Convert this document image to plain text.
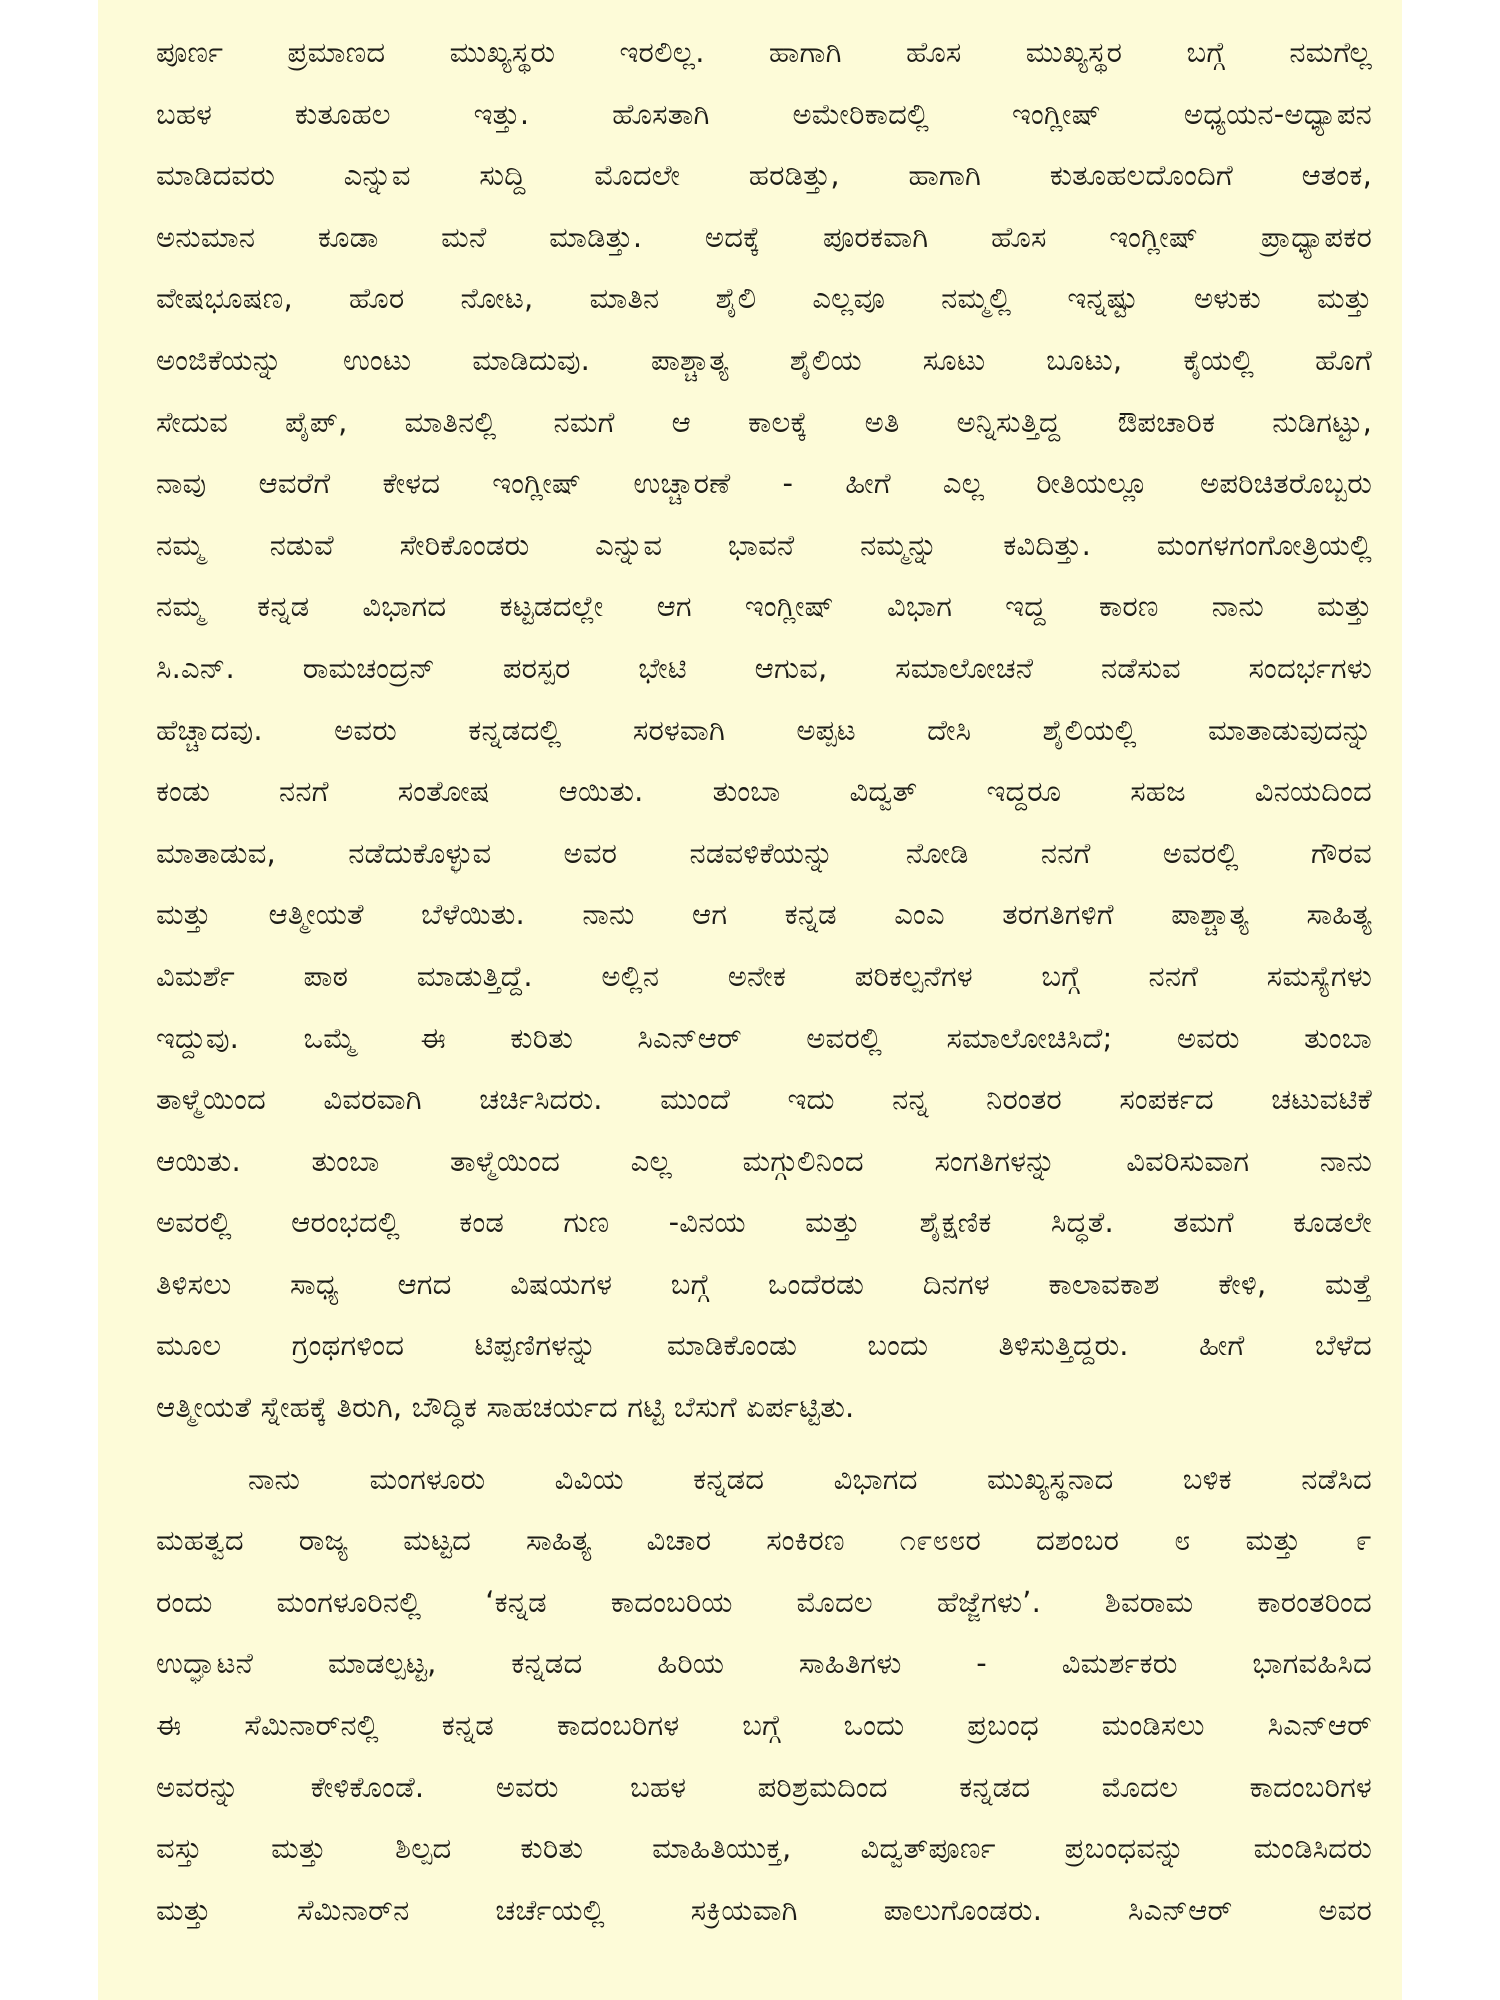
ಪೂರ್ಣ ಪ್ರಮಾಣದ ಮುಖ್ಯಸ್ಥರು ಇರಲಿಲ್ಲ. ಹಾಗಾಗಿ ಹೊಸ ಮುಖ್ಯಸ್ಥರ ಬಗ್ಗೆ ನಮಗೆಲ್ಲ
ಬಹಳ ಕುತೂಹಲ ಇತ್ತು. ಹೊಸತಾಗಿ ಅಮೇರಿಕಾದಲ್ಲಿ ಇಂಗ್ಲೀಷ್ ಅಧ್ಯಯನ-ಅಧ್ಯಾಪನ
ಮಾಡಿದವರು ಎನ್ನುವ ಸುದ್ದಿ ಮೊದಲೇ ಹರಡಿತ್ತು, ಹಾಗಾಗಿ ಕುತೂಹಲದೊಂದಿಗೆ ಆತಂಕ,
ಅನುಮಾನ ಕೂಡಾ ಮನೆ ಮಾಡಿತ್ತು. ಅದಕ್ಕೆ ಪೂರಕವಾಗಿ ಹೊಸ ಇಂಗ್ಲೀಷ್ ಪ್ರಾಧ್ಯಾಪಕರ
ವೇಷಭೂಷಣ, ಹೊರ ನೋಟ, ಮಾತಿನ ಶೈಲಿ ಎಲ್ಲವೂ ನಮ್ಮಲ್ಲಿ ಇನ್ನಷ್ಟು ಅಳುಕು ಮತ್ತು
ಅಂಜಿಕೆಯನ್ನು ಉಂಟು ಮಾಡಿದುವು. ಪಾಶ್ಚಾತ್ಯ ಶೈಲಿಯ ಸೂಟು ಬೂಟು, ಕೈಯಲ್ಲಿ ಹೊಗೆ
ಸೇದುವ ಪೈಪ್, ಮಾತಿನಲ್ಲಿ ನಮಗೆ ಆ ಕಾಲಕ್ಕೆ ಅತಿ ಅನ್ನಿಸುತ್ತಿದ್ದ ಔಪಚಾರಿಕ ನುಡಿಗಟ್ಟು,
ನಾವು ಆವರೆಗೆ ಕೇಳದ ಇಂಗ್ಲೀಷ್ ಉಚ್ಚಾರಣೆ - ಹೀಗೆ ಎಲ್ಲ ರೀತಿಯಲ್ಲೂ ಅಪರಿಚಿತರೊಬ್ಬರು
ನಮ್ಮ ನಡುವೆ ಸೇರಿಕೊಂಡರು ಎನ್ನುವ ಭಾವನೆ ನಮ್ಮನ್ನು ಕವಿದಿತ್ತು. ಮಂಗಳಗಂಗೋತ್ರಿಯಲ್ಲಿ
ನಮ್ಮ ಕನ್ನಡ ವಿಭಾಗದ ಕಟ್ಟಡದಲ್ಲೇ ಆಗ ಇಂಗ್ಲೀಷ್ ವಿಭಾಗ ಇದ್ದ ಕಾರಣ ನಾನು ಮತ್ತು
ಸಿ.ಎನ್. ರಾಮಚಂದ್ರನ್ ಪರಸ್ಪರ ಭೇಟಿ ಆಗುವ, ಸಮಾಲೋಚನೆ ನಡೆಸುವ ಸಂದರ್ಭಗಳು
ಹೆಚ್ಚಾದವು. ಅವರು ಕನ್ನಡದಲ್ಲಿ ಸರಳವಾಗಿ ಅಪ್ಪಟ ದೇಸಿ ಶೈಲಿಯಲ್ಲಿ ಮಾತಾಡುವುದನ್ನು
ಕಂಡು ನನಗೆ ಸಂತೋಷ ಆಯಿತು. ತುಂಬಾ ವಿದ್ವತ್ ಇದ್ದರೂ ಸಹಜ ವಿನಯದಿಂದ
ಮಾತಾಡುವ, ನಡೆದುಕೊಳ್ಳುವ ಅವರ ನಡವಳಿಕೆಯನ್ನು ನೋಡಿ ನನಗೆ ಅವರಲ್ಲಿ ಗೌರವ
ಮತ್ತು ಆತ್ಮೀಯತೆ ಬೆಳೆಯಿತು. ನಾನು ಆಗ ಕನ್ನಡ ಎಂಎ ತರಗತಿಗಳಿಗೆ ಪಾಶ್ಚಾತ್ಯ ಸಾಹಿತ್ಯ
ವಿಮರ್ಶೆ ಪಾಠ ಮಾಡುತ್ತಿದ್ದೆ. ಅಲ್ಲಿನ ಅನೇಕ ಪರಿಕಲ್ಪನೆಗಳ ಬಗ್ಗೆ ನನಗೆ ಸಮಸ್ಯೆಗಳು
ಇದ್ದುವು. ಒಮ್ಮೆ ಈ ಕುರಿತು ಸಿಎನ್‌ಆರ್ ಅವರಲ್ಲಿ ಸಮಾಲೋಚಿಸಿದೆ; ಅವರು ತುಂಬಾ
ತಾಳ್ಮೆಯಿಂದ ವಿವರವಾಗಿ ಚರ್ಚಿಸಿದರು. ಮುಂದೆ ಇದು ನನ್ನ ನಿರಂತರ ಸಂಪರ್ಕದ ಚಟುವಟಿಕೆ
ಆಯಿತು. ತುಂಬಾ ತಾಳ್ಮೆಯಿಂದ ಎಲ್ಲ ಮಗ್ಗುಲಿನಿಂದ ಸಂಗತಿಗಳನ್ನು ವಿವರಿಸುವಾಗ ನಾನು
ಅವರಲ್ಲಿ ಆರಂಭದಲ್ಲಿ ಕಂಡ ಗುಣ -ವಿನಯ ಮತ್ತು ಶೈಕ್ಷಣಿಕ ಸಿದ್ಧತೆ. ತಮಗೆ ಕೂಡಲೇ
ತಿಳಿಸಲು ಸಾಧ್ಯ ಆಗದ ವಿಷಯಗಳ ಬಗ್ಗೆ ಒಂದೆರಡು ದಿನಗಳ ಕಾಲಾವಕಾಶ ಕೇಳಿ, ಮತ್ತೆ
ಮೂಲ ಗ್ರಂಥಗಳಿಂದ ಟಿಪ್ಪಣಿಗಳನ್ನು ಮಾಡಿಕೊಂಡು ಬಂದು ತಿಳಿಸುತ್ತಿದ್ದರು. ಹೀಗೆ ಬೆಳೆದ
ಆತ್ಮೀಯತೆ ಸ್ನೇಹಕ್ಕೆ ತಿರುಗಿ, ಬೌದ್ಧಿಕ ಸಾಹಚರ್ಯದ ಗಟ್ಟಿ ಬೆಸುಗೆ ಏರ್ಪಟ್ಟಿತು.
ನಾನು ಮಂಗಳೂರು ವಿವಿಯ ಕನ್ನಡದ ವಿಭಾಗದ ಮುಖ್ಯಸ್ಥನಾದ ಬಳಿಕ ನಡೆಸಿದ
ಮಹತ್ವದ ರಾಜ್ಯ ಮಟ್ಟದ ಸಾಹಿತ್ಯ ವಿಚಾರ ಸಂಕಿರಣ ೧೯೮೮ರ ದಶಂಬರ ೮ ಮತ್ತು ೯
ರಂದು ಮಂಗಳೂರಿನಲ್ಲಿ ‘ಕನ್ನಡ ಕಾದಂಬರಿಯ ಮೊದಲ ಹೆಜ್ಜೆಗಳು’. ಶಿವರಾಮ ಕಾರಂತರಿಂದ
ಉದ್ಘಾಟನೆ ಮಾಡಲ್ಪಟ್ಟ, ಕನ್ನಡದ ಹಿರಿಯ ಸಾಹಿತಿಗಳು - ವಿಮರ್ಶಕರು ಭಾಗವಹಿಸಿದ
ಈ ಸೆಮಿನಾರ್‌ನಲ್ಲಿ ಕನ್ನಡ ಕಾದಂಬರಿಗಳ ಬಗ್ಗೆ ಒಂದು ಪ್ರಬಂಧ ಮಂಡಿಸಲು ಸಿಎನ್‌ಆರ್
ಅವರನ್ನು ಕೇಳಿಕೊಂಡೆ. ಅವರು ಬಹಳ ಪರಿಶ್ರಮದಿಂದ ಕನ್ನಡದ ಮೊದಲ ಕಾದಂಬರಿಗಳ
ವಸ್ತು ಮತ್ತು ಶಿಲ್ಪದ ಕುರಿತು ಮಾಹಿತಿಯುಕ್ತ, ವಿದ್ವತ್‌ಪೂರ್ಣ ಪ್ರಬಂಧವನ್ನು ಮಂಡಿಸಿದರು
ಮತ್ತು ಸೆಮಿನಾರ್‌ನ ಚರ್ಚೆಯಲ್ಲಿ ಸಕ್ರಿಯವಾಗಿ ಪಾಲುಗೊಂಡರು. ಸಿಎನ್‌ಆರ್ ಅವರ
